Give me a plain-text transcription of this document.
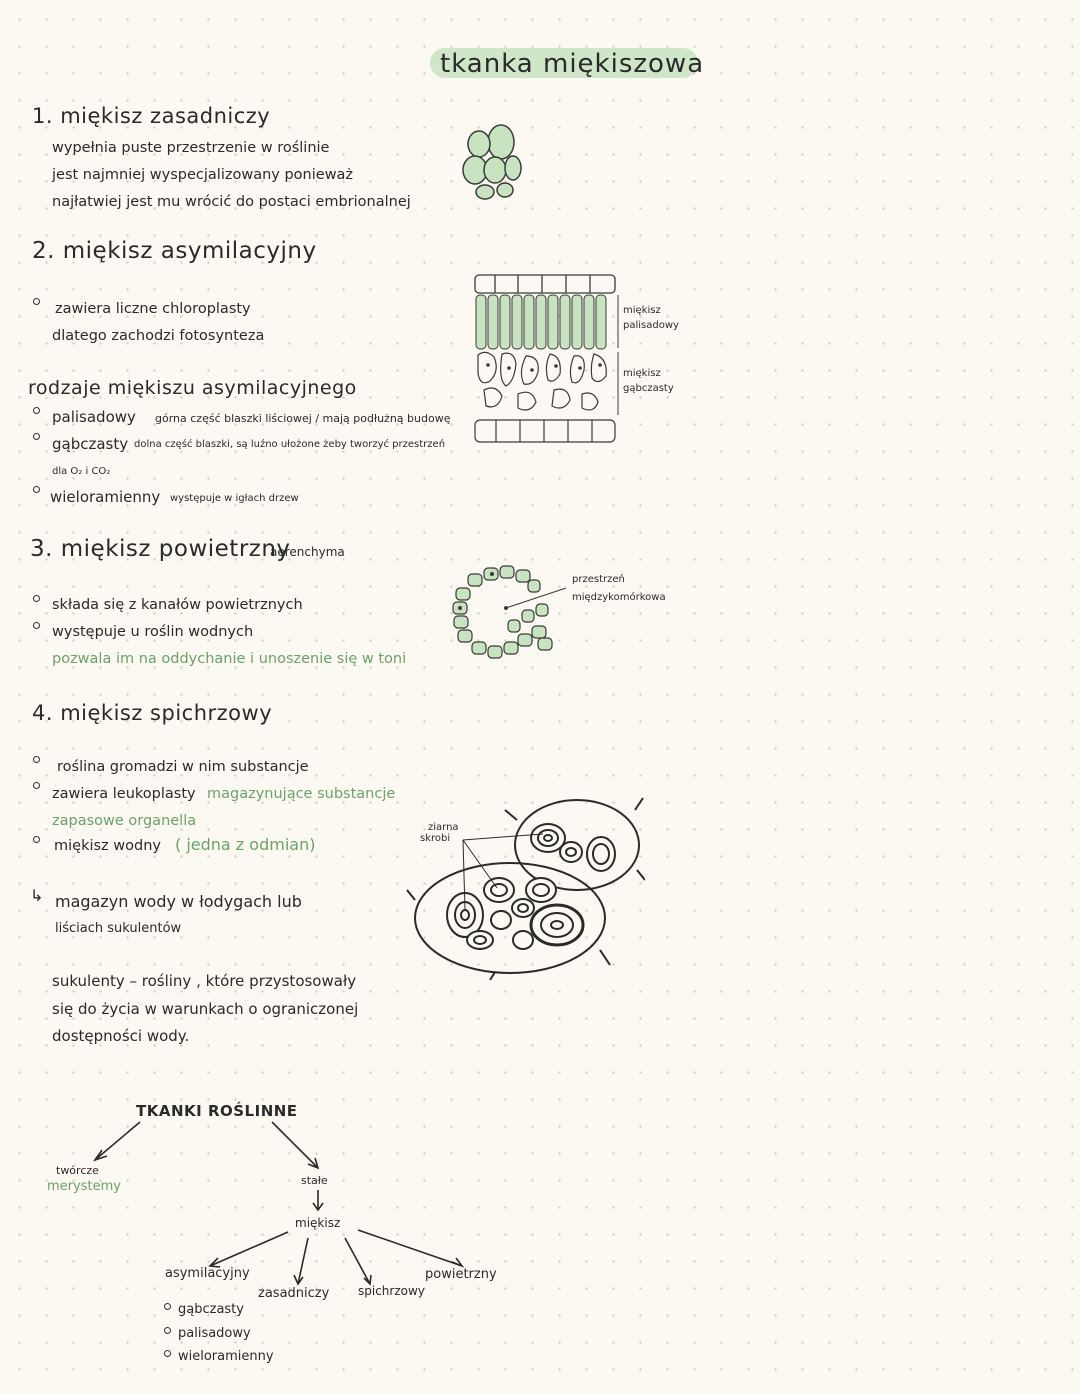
tkanka miękiszowa
1. miękisz zasadniczy
wypełnia puste przestrzenie w roślinie
jest najmniej wyspecjalizowany ponieważ
najłatwiej jest mu wrócić do postaci embrionalnej
2. miękisz asymilacyjny
zawiera liczne chloroplasty
dlatego zachodzi fotosynteza
rodzaje miękiszu asymilacyjnego
palisadowy górna część blaszki liściowej / mają podłużną budowę
gąbczasty dolna część blaszki, są luźno ułożone żeby tworzyć przestrzeń
dla O₂ i CO₂
wieloramienny występuje w igłach drzew
miękisz
palisadowy
miękisz
gąbczasty
3. miękisz powietrzny
aerenchyma
składa się z kanałów powietrznych
występuje u roślin wodnych
pozwala im na oddychanie i unoszenie się w toni
przestrzeń
międzykomórkowa
4. miękisz spichrzowy
roślina gromadzi w nim substancje
zawiera leukoplasty magazynujące substancje
zapasowe organella
miękisz wodny ( jedna z odmian)
↳ magazyn wody w łodygach lub
liściach sukulentów
sukulenty – rośliny , które przystosowały
się do życia w warunkach o ograniczonej
dostępności wody.
ziarna
skrobi
TKANKI ROŚLINNE
twórcze
merystemy	stałe
miękisz
asymilacyjny
zasadniczy spichrzowy
powietrzny
gąbczasty
palisadowy
wieloramienny
